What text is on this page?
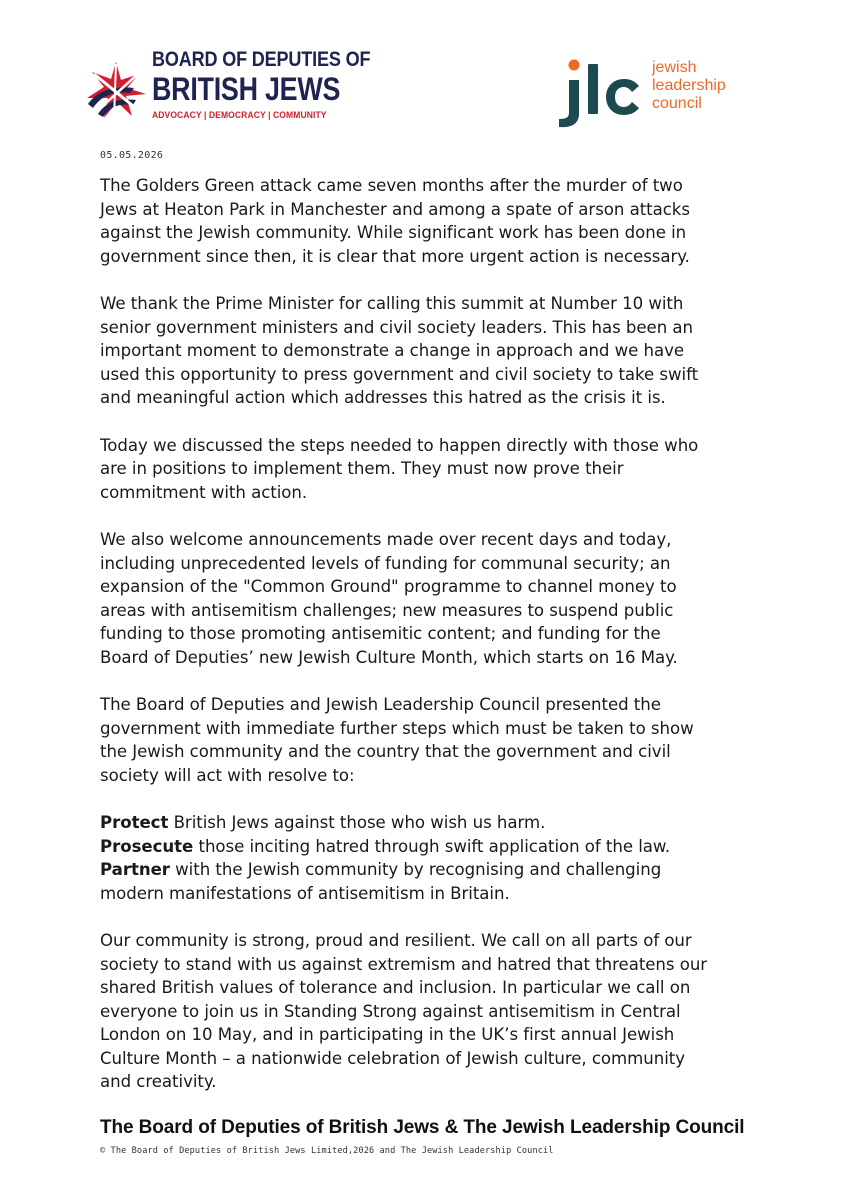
BOARD OF DEPUTIES OF
BRITISH JEWS
ADVOCACY | DEMOCRACY | COMMUNITY
jewish
leadership
council
05.05.2026

The Golders Green attack came seven months after the murder of two
Jews at Heaton Park in Manchester and among a spate of arson attacks
against the Jewish community. While significant work has been done in
government since then, it is clear that more urgent action is necessary.

We thank the Prime Minister for calling this summit at Number 10 with
senior government ministers and civil society leaders. This has been an
important moment to demonstrate a change in approach and we have
used this opportunity to press government and civil society to take swift
and meaningful action which addresses this hatred as the crisis it is.

Today we discussed the steps needed to happen directly with those who
are in positions to implement them. They must now prove their
commitment with action.

We also welcome announcements made over recent days and today,
including unprecedented levels of funding for communal security; an
expansion of the "Common Ground" programme to channel money to
areas with antisemitism challenges; new measures to suspend public
funding to those promoting antisemitic content; and funding for the
Board of Deputies’ new Jewish Culture Month, which starts on 16 May.

The Board of Deputies and Jewish Leadership Council presented the
government with immediate further steps which must be taken to show
the Jewish community and the country that the government and civil
society will act with resolve to:

Protect British Jews against those who wish us harm.
Prosecute those inciting hatred through swift application of the law.
Partner with the Jewish community by recognising and challenging
modern manifestations of antisemitism in Britain.

Our community is strong, proud and resilient. We call on all parts of our
society to stand with us against extremism and hatred that threatens our
shared British values of tolerance and inclusion. In particular we call on
everyone to join us in Standing Strong against antisemitism in Central
London on 10 May, and in participating in the UK’s first annual Jewish
Culture Month – a nationwide celebration of Jewish culture, community
and creativity.

The Board of Deputies of British Jews & The Jewish Leadership Council
© The Board of Deputies of British Jews Limited,2026 and The Jewish Leadership Council
